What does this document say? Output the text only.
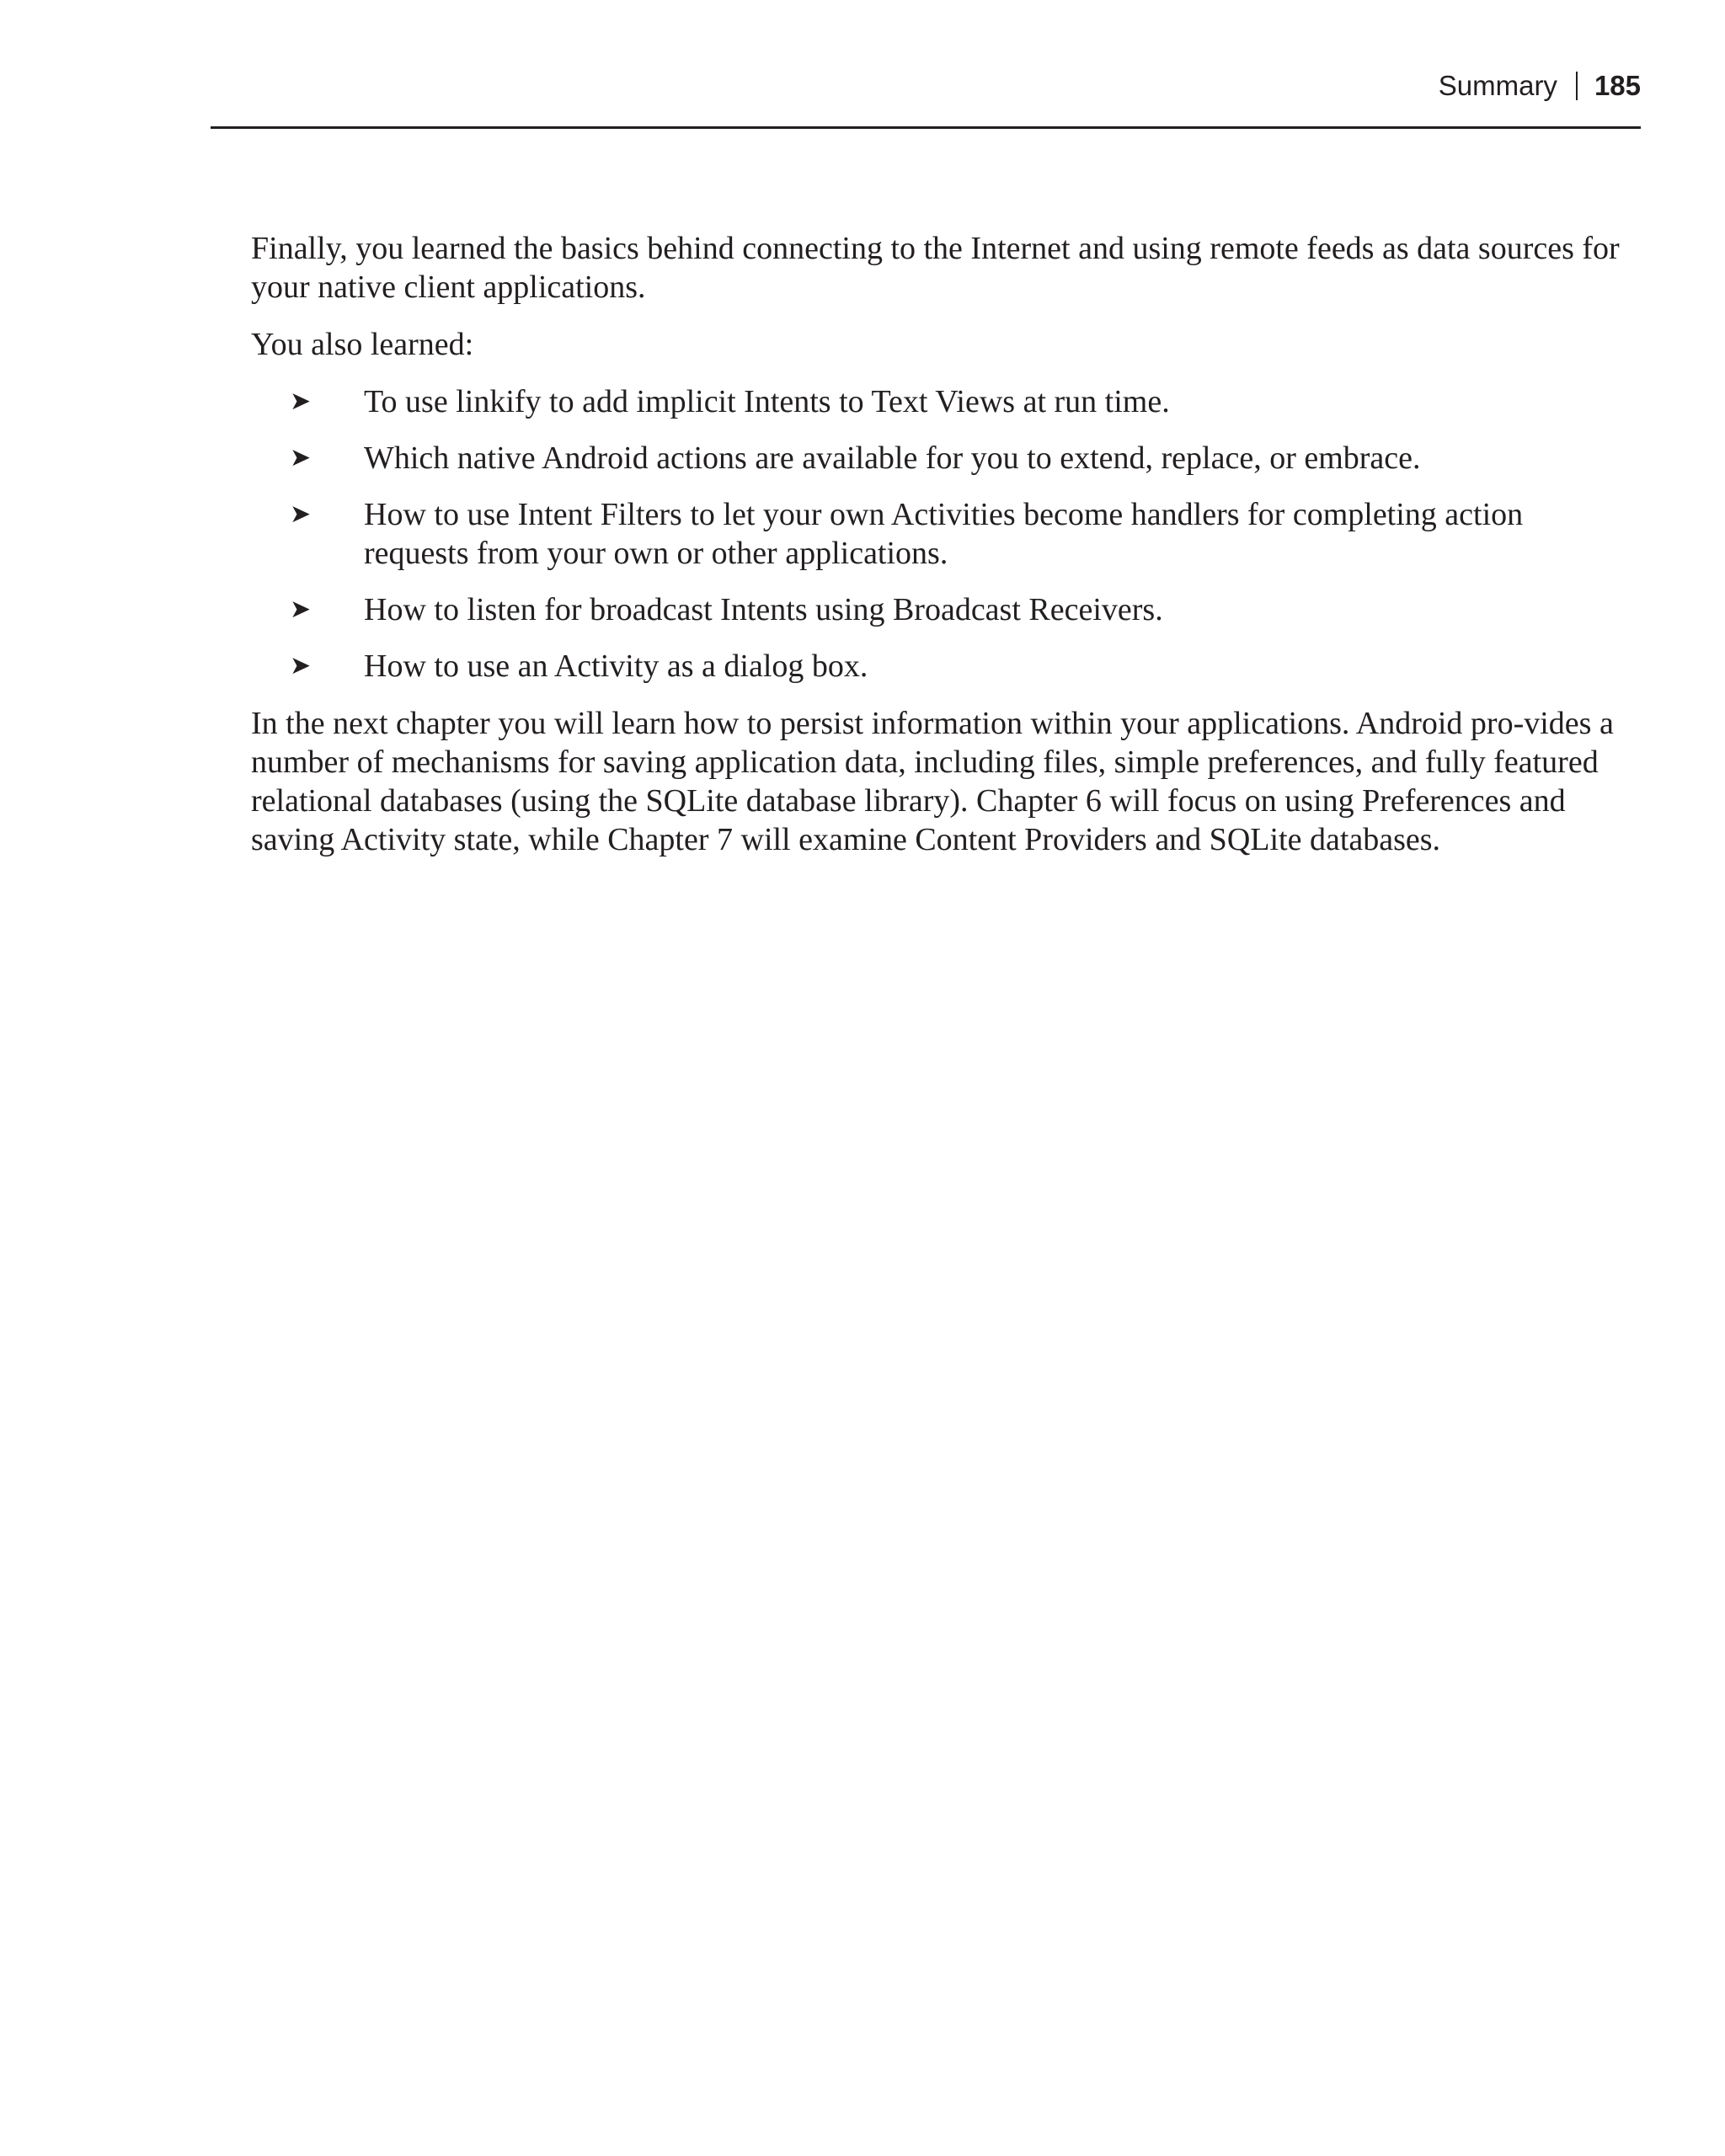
Summary 185

Finally, you learned the basics behind connecting to the Internet and using remote feeds as data sources for your native client applications.

You also learned:

➤ To use linkify to add implicit Intents to Text Views at run time.
➤ Which native Android actions are available for you to extend, replace, or embrace.
➤ How to use Intent Filters to let your own Activities become handlers for completing action requests from your own or other applications.
➤ How to listen for broadcast Intents using Broadcast Receivers.
➤ How to use an Activity as a dialog box.

In the next chapter you will learn how to persist information within your applications. Android pro-vides a number of mechanisms for saving application data, including files, simple preferences, and fully featured relational databases (using the SQLite database library). Chapter 6 will focus on using Preferences and saving Activity state, while Chapter 7 will examine Content Providers and SQLite databases.
